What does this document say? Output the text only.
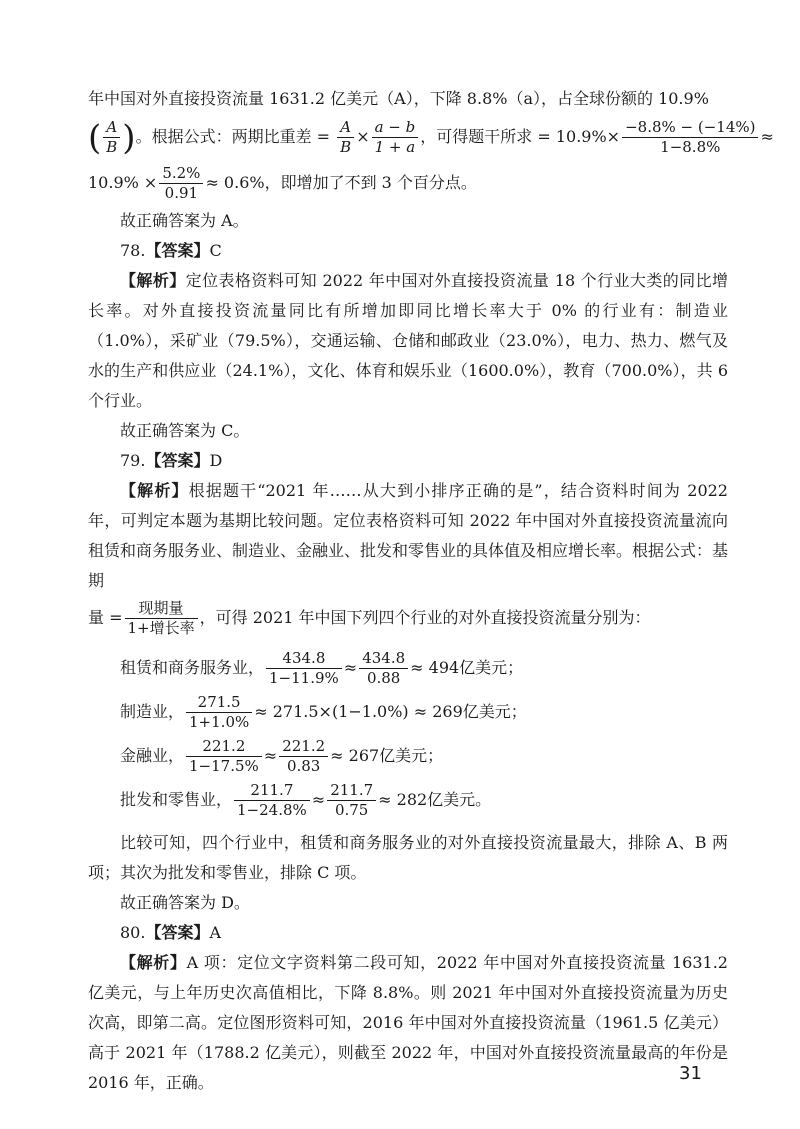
年中国对外直接投资流量 1631.2 亿美元（A），下降 8.8%（a），占全球份额的 10.9%
( $\frac{A}{B}$ )。根据公式：两期比重差 = $\frac{A}{B} \times \frac{a - b}{1 + a}$ ，可得题干所求 = $10.9\%\times \frac{-8.8\% - (-14\%)}{1-8.8\%}$ ≈
$10.9\% \times \frac{5.2\%}{0.91} \approx 0.6\%$，即增加了不到 3 个百分点。

故正确答案为 A。

78.【答案】C

【解析】定位表格资料可知 2022 年中国对外直接投资流量 18 个行业大类的同比增长率。对外直接投资流量同比有所增加即同比增长率大于 0% 的行业有：制造业（1.0%），采矿业（79.5%），交通运输、仓储和邮政业（23.0%），电力、热力、燃气及水的生产和供应业（24.1%），文化、体育和娱乐业（1600.0%），教育（700.0%），共 6 个行业。

故正确答案为 C。

79.【答案】D

【解析】根据题干“2021 年……从大到小排序正确的是”，结合资料时间为 2022 年，可判定本题为基期比较问题。定位表格资料可知 2022 年中国对外直接投资流量流向租赁和商务服务业、制造业、金融业、批发和零售业的具体值及相应增长率。根据公式：基期

量 = $\frac{\text{现期量}}{\text{1+增长率}}$ ，可得 2021 年中国下列四个行业的对外直接投资流量分别为：
租赁和商务服务业， $\frac{434.8}{1-11.9\%} \approx \frac{434.8}{0.88} \approx 494$亿美元；
制造业， $\frac{271.5}{1+1.0\%} \approx 271.5\times(1-1.0\%) \approx 269$亿美元；
金融业， $\frac{221.2}{1-17.5\%} \approx \frac{221.2}{0.83} \approx 267$亿美元；
批发和零售业， $\frac{211.7}{1-24.8\%} \approx \frac{211.7}{0.75} \approx 282$亿美元。

比较可知，四个行业中，租赁和商务服务业的对外直接投资流量最大，排除 A、B 两项；其次为批发和零售业，排除 C 项。

故正确答案为 D。

80.【答案】A

【解析】A 项：定位文字资料第二段可知，2022 年中国对外直接投资流量 1631.2 亿美元，与上年历史次高值相比，下降 8.8%。则 2021 年中国对外直接投资流量为历史次高，即第二高。定位图形资料可知，2016 年中国对外直接投资流量（1961.5 亿美元）高于 2021 年（1788.2 亿美元），则截至 2022 年，中国对外直接投资流量最高的年份是 2016 年，正确。	31
